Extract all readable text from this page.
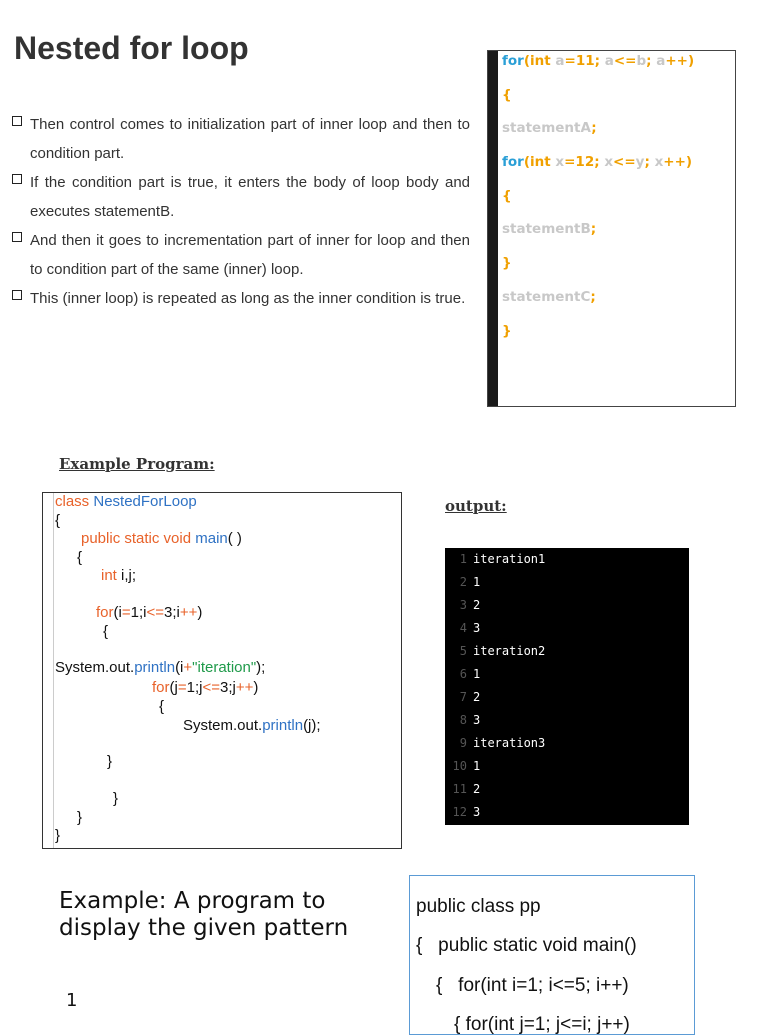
Nested for loop
Then control comes to initialization part of inner loop and then to condition part.
If the condition part is true, it enters the body of loop body and executes statementB.
And then it goes to incrementation part of inner for loop and then to condition part of the same (inner) loop.
This (inner loop) is repeated as long as the inner condition is true.
for(int a=11; a<=b; a++)
{
statementA;
for(int x=12; x<=y; x++)
{
statementB;
}
statementC;
}
Example Program:
output:
class NestedForLoop
{
public static void main( )
{
int i,j;
for(i=1;i<=3;i++)
{
System.out.println(i+"iteration");
for(j=1;j<=3;j++)
{
System.out.println(j);
}
}
}
}
1 iteration1
2 1
3 2
4 3
5 iteration2
6 1
7 2
8 3
9 iteration3
10 1
11 2
12 3
Example: A program to display the given pattern
1
public class pp
{   public static void main()
{   for(int i=1; i<=5; i++)
{ for(int j=1; j<=i; j++)
